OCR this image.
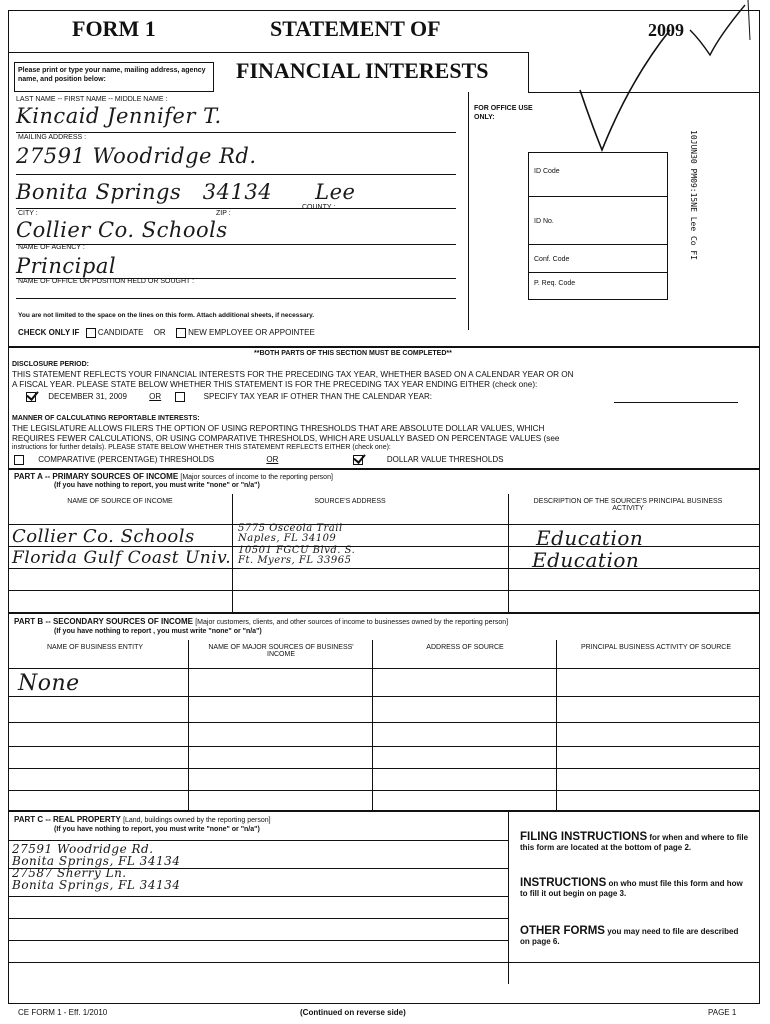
FORM 1	STATEMENT OF
FINANCIAL INTERESTS
2009
Please print or type your name, mailing address, agency name, and position below:
LAST NAME -- FIRST NAME -- MIDDLE NAME :
Kincaid Jennifer T.
MAILING ADDRESS :
27591 Woodridge Rd.
Bonita Springs   34134      Lee
CITY :	ZIP :
COUNTY :
Collier Co. Schools
NAME OF AGENCY :
Principal
NAME OF OFFICE OR POSITION HELD OR SOUGHT :
You are not limited to the space on the lines on this form. Attach additional sheets, if necessary.
CHECK ONLY IF CANDIDATE OR	NEW EMPLOYEE OR APPOINTEE
FOR OFFICE USE ONLY:
ID Code
ID No.
Conf. Code
P. Req. Code
10JUN30 PM09:15NE Lee Co FI
**BOTH PARTS OF THIS SECTION MUST BE COMPLETED**
DISCLOSURE PERIOD:
THIS STATEMENT REFLECTS YOUR FINANCIAL INTERESTS FOR THE PRECEDING TAX YEAR, WHETHER BASED ON A CALENDAR YEAR OR ON
A FISCAL YEAR. PLEASE STATE BELOW WHETHER THIS STATEMENT IS FOR THE PRECEDING TAX YEAR ENDING EITHER (check one):
DECEMBER 31, 2009	OR	SPECIFY TAX YEAR IF OTHER THAN THE CALENDAR YEAR:
MANNER OF CALCULATING REPORTABLE INTERESTS:
THE LEGISLATURE ALLOWS FILERS THE OPTION OF USING REPORTING THRESHOLDS THAT ARE ABSOLUTE DOLLAR VALUES, WHICH
REQUIRES FEWER CALCULATIONS, OR USING COMPARATIVE THRESHOLDS, WHICH ARE USUALLY BASED ON PERCENTAGE VALUES (see
instructions for further details). PLEASE STATE BELOW WHETHER THIS STATEMENT REFLECTS EITHER (check one):
COMPARATIVE (PERCENTAGE) THRESHOLDS	OR	DOLLAR VALUE THRESHOLDS
PART A -- PRIMARY SOURCES OF INCOME [Major sources of income to the reporting person]
(If you have nothing to report, you must write "none" or "n/a")
NAME OF SOURCE OF INCOME	SOURCE'S ADDRESS	DESCRIPTION OF THE SOURCE'S PRINCIPAL BUSINESS ACTIVITY
Collier Co. Schools	5775 Osceola Trail
Naples, FL 34109	Education
Florida Gulf Coast Univ. 10501 FGCU Blvd. S.
Ft. Myers, FL 33965	Education
PART B -- SECONDARY SOURCES OF INCOME [Major customers, clients, and other sources of income to businesses owned by the reporting person]
(If you have nothing to report , you must write "none" or "n/a")
NAME OF BUSINESS ENTITY	NAME OF MAJOR SOURCES OF BUSINESS' INCOME
ADDRESS OF SOURCE	PRINCIPAL BUSINESS ACTIVITY OF SOURCE
None
PART C -- REAL PROPERTY [Land, buildings owned by the reporting person]
(If you have nothing to report, you must write "none" or "n/a")
27591 Woodridge Rd.
Bonita Springs, FL 34134
27587 Sherry Ln.
Bonita Springs, FL 34134
FILING INSTRUCTIONS for when and where to file this form are located at the bottom of page 2.
INSTRUCTIONS on who must file this form and how to fill it out begin on page 3.
OTHER FORMS you may need to file are described on page 6.
CE FORM 1 - Eff. 1/2010	(Continued on reverse side)	PAGE 1
